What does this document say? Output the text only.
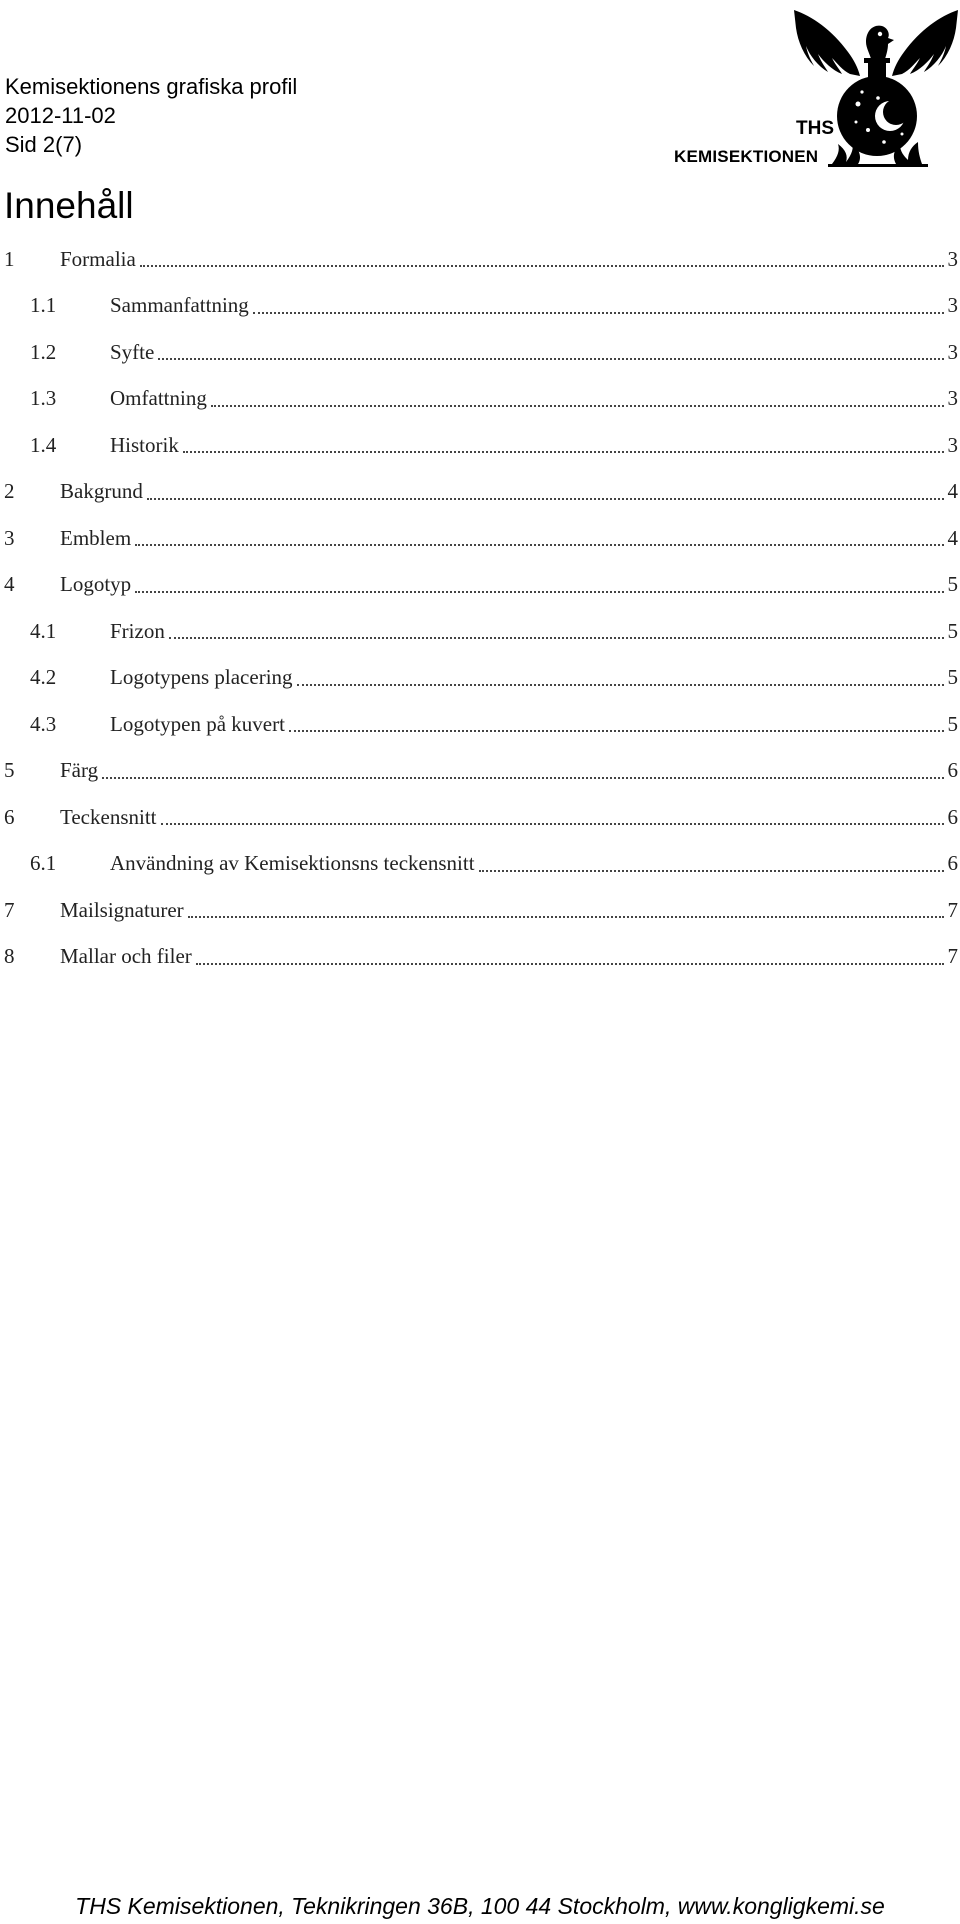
Kemisektionens grafiska profil
2012-11-02
Sid 2(7)
THS
KEMISEKTIONEN
Innehåll
1	Formalia	3
1.1	Sammanfattning	3
1.2	Syfte	3
1.3	Omfattning	3
1.4	Historik	3
2	Bakgrund	4
3	Emblem	4
4	Logotyp	5
4.1	Frizon	5
4.2	Logotypens placering	5
4.3	Logotypen på kuvert	5
5	Färg	6
6	Teckensnitt	6
6.1	Användning av Kemisektionsns teckensnitt	6
7	Mailsignaturer	7
8	Mallar och filer	7
THS Kemisektionen, Teknikringen 36B, 100 44 Stockholm, www.kongligkemi.se
